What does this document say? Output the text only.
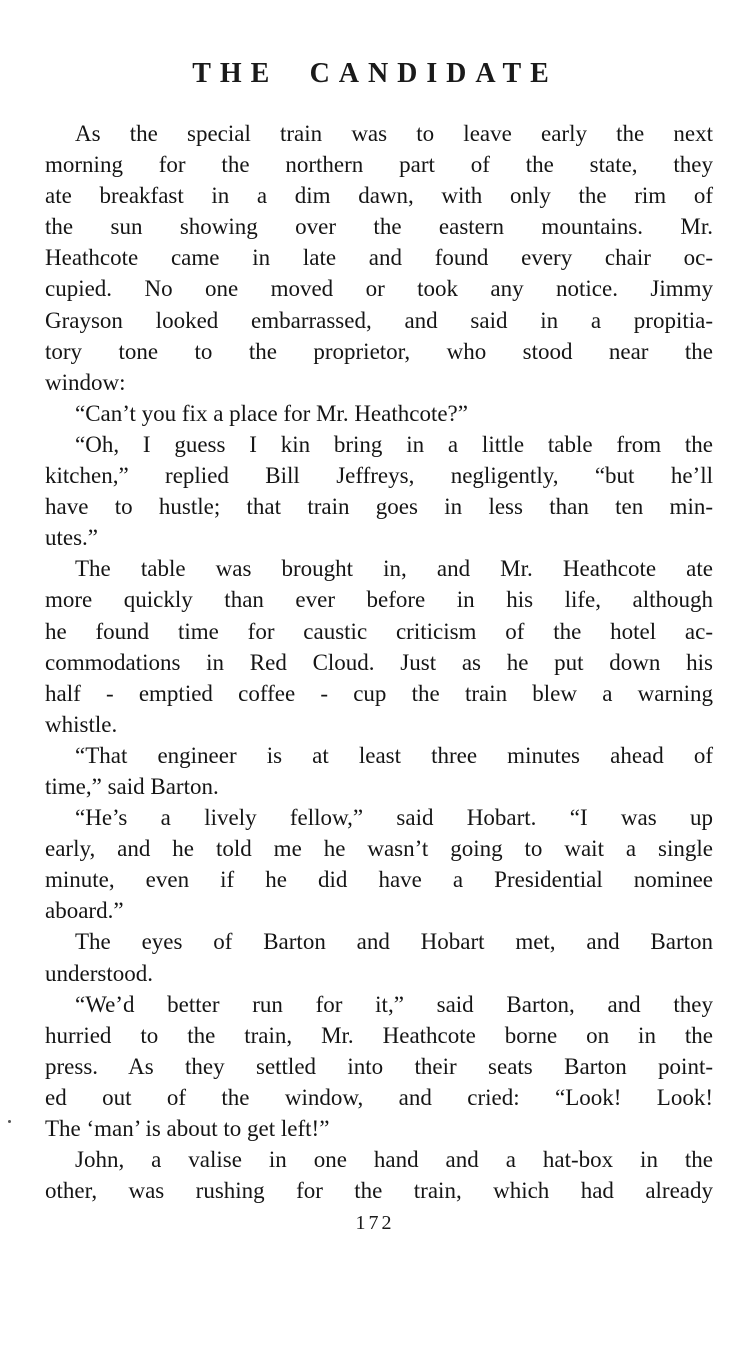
THE CANDIDATE
As the special train was to leave early the next
morning for the northern part of the state, they
ate breakfast in a dim dawn, with only the rim of
the sun showing over the eastern mountains. Mr.
Heathcote came in late and found every chair oc-
cupied. No one moved or took any notice. Jimmy
Grayson looked embarrassed, and said in a propitia-
tory tone to the proprietor, who stood near the
window:
“Can’t you fix a place for Mr. Heathcote?”
“Oh, I guess I kin bring in a little table from the
kitchen,” replied Bill Jeffreys, negligently, “but he’ll
have to hustle; that train goes in less than ten min-
utes.”
The table was brought in, and Mr. Heathcote ate
more quickly than ever before in his life, although
he found time for caustic criticism of the hotel ac-
commodations in Red Cloud. Just as he put down his
half - emptied coffee - cup the train blew a warning
whistle.
“That engineer is at least three minutes ahead of
time,” said Barton.
“He’s a lively fellow,” said Hobart. “I was up
early, and he told me he wasn’t going to wait a single
minute, even if he did have a Presidential nominee
aboard.”
The eyes of Barton and Hobart met, and Barton
understood.
“We’d better run for it,” said Barton, and they
hurried to the train, Mr. Heathcote borne on in the
press. As they settled into their seats Barton point-
ed out of the window, and cried: “Look! Look!
The ‘man’ is about to get left!”
John, a valise in one hand and a hat-box in the
other, was rushing for the train, which had already
172
